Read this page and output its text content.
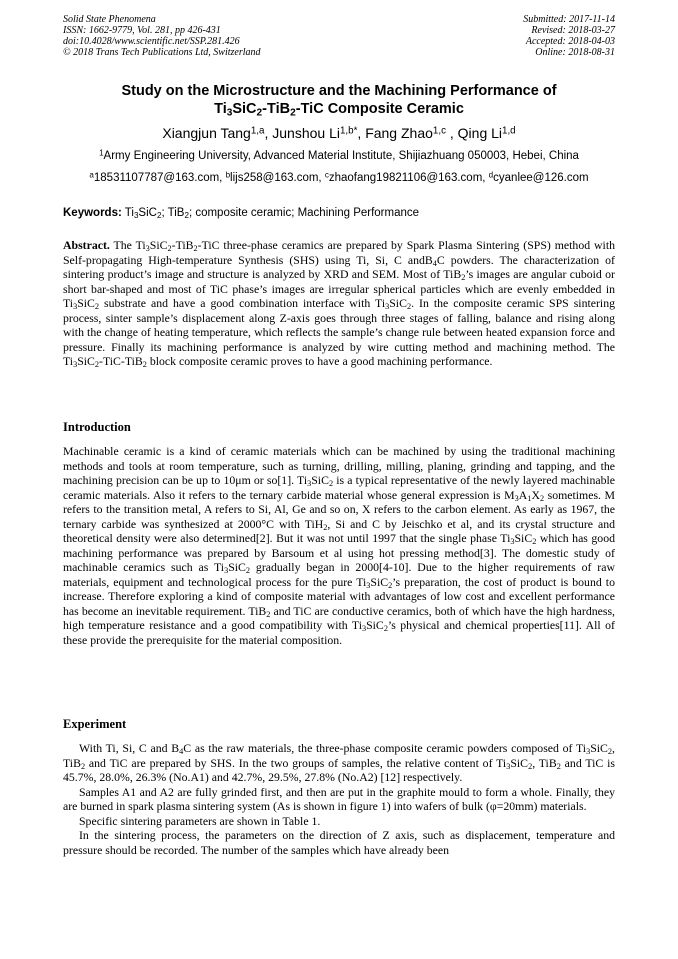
Solid State Phenomena
ISSN: 1662-9779, Vol. 281, pp 426-431
doi:10.4028/www.scientific.net/SSP.281.426
© 2018 Trans Tech Publications Ltd, Switzerland
Submitted: 2017-11-14
Revised: 2018-03-27
Accepted: 2018-04-03
Online: 2018-08-31
Study on the Microstructure and the Machining Performance of
$Ti_3SiC_2-TiB_2$-TiC Composite Ceramic
Xiangjun Tang$^{1,a}$, Junshou $Li^{1,b*}$, Fang Zhao$^{1,c}$ , Qing Li$^{1,d}$
$^1$Army Engineering University, Advanced Material Institute, Shijiazhuang 050003, Hebei, China
$^a$18531107787@163.com, $^b$lijs258@163.com, $^c$zhaofang19821106@163.com, $^d$cyanlee@126.com
Keywords: $Ti_3SiC_2$; TiB$_2$; composite ceramic; Machining Performance
Abstract. The $Ti_3SiC_2-TiB_2$-TiC three-phase ceramics are prepared by Spark Plasma Sintering (SPS) method with Self-propagating High-temperature Synthesis (SHS) using Ti, Si, C andB$_4$C powders. The characterization of sintering product’s image and structure is analyzed by XRD and SEM. Most of TiB$_2$’s images are angular cuboid or short bar-shaped and most of TiC phase’s images are irregular spherical particles which are evenly embedded in $Ti_3SiC_2$ substrate and have a good combination interface with $Ti_3SiC_2$. In the composite ceramic SPS sintering process, sinter sample’s displacement along Z-axis goes through three stages of falling, balance and rising along with the change of heating temperature, which reflects the sample’s change rule between heated expansion force and pressure. Finally its machining performance is analyzed by wire cutting method and machining method. The $Ti_3SiC_2-TiC-TiB_2$ block composite ceramic proves to have a good machining performance.
Introduction
Machinable ceramic is a kind of ceramic materials which can be machined by using the traditional machining methods and tools at room temperature, such as turning, drilling, milling, planing, grinding and tapping, and the machining precision can be up to 10μm or so[1]. $Ti_3SiC_2$ is a typical representative of the newly layered machinable ceramic materials. Also it refers to the ternary carbide material whose general expression is $M_3A_1X_2$ sometimes. M refers to the transition metal, A refers to Si, Al, Ge and so on, X refers to the carbon element. As early as 1967, the ternary carbide was synthesized at 2000°C with TiH$_2$, Si and C by Jeischko et al, and its crystal structure and theoretical density were also determined[2]. But it was not until 1997 that the single phase $Ti_3SiC_2$ which has good machining performance was prepared by Barsoum et al using hot pressing method[3]. The domestic study of machinable ceramics such as $Ti_3SiC_2$ gradually began in 2000[4-10]. Due to the higher requirements of raw materials, equipment and technological process for the pure $Ti_3SiC_2’s$ preparation, the cost of product is bound to increase. Therefore exploring a kind of composite material with advantages of low cost and excellent performance has become an inevitable requirement. TiB$_2$ and TiC are conductive ceramics, both of which have the high hardness, high temperature resistance and a good compatibility with $Ti_3SiC_2’s$ physical and chemical properties[11]. All of these provide the prerequisite for the material composition.
Experiment

With Ti, Si, C and $B_4C$ as the raw materials, the three-phase composite ceramic powders composed of $Ti_3SiC_2$, TiB$_2$ and TiC are prepared by SHS. In the two groups of samples, the relative content of $Ti_3SiC_2$, TiB$_2$ and TiC is 45.7%, 28.0%, 26.3% (No.A1) and 42.7%, 29.5%, 27.8% (No.A2) [12] respectively.

Samples A1 and A2 are fully grinded first, and then are put in the graphite mould to form a whole. Finally, they are burned in spark plasma sintering system (As is shown in figure 1) into wafers of bulk (φ=20mm) materials.

Specific sintering parameters are shown in Table 1.

In the sintering process, the parameters on the direction of Z axis, such as displacement, temperature and pressure should be recorded. The number of the samples which have already been
